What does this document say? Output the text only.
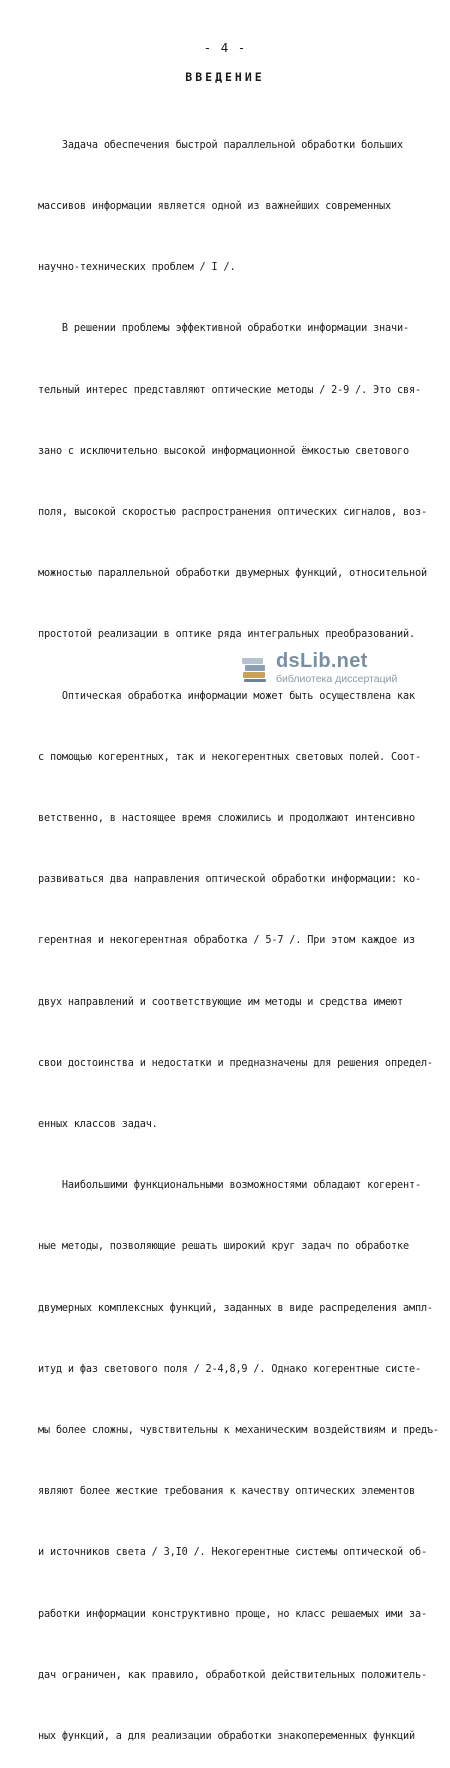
- 4 -
ВВЕДЕНИЕ

Задача обеспечения быстрой параллельной обработки больших

массивов информации является одной из важнейших современных

научно-технических проблем / I /.

В решении проблемы эффективной обработки информации значи-

тельный интерес представляют оптические методы / 2-9 /. Это свя-

зано с исключительно высокой информационной ёмкостью светового

поля, высокой скоростью распространения оптических сигналов, воз-

можностью параллельной обработки двумерных функций, относительной

простотой реализации в оптике ряда интегральных преобразований.

Оптическая обработка информации может быть осуществлена как

с помощью когерентных, так и некогерентных световых полей. Соот-

ветственно, в настоящее время сложились и продолжают интенсивно

развиваться два направления оптической обработки информации: ко-

герентная и некогерентная обработка / 5-7 /. При этом каждое из

двух направлений и соответствующие им методы и средства имеют

свои достоинства и недостатки и предназначены для решения определ-

енных классов задач.

Наибольшими функциональными возможностями обладают когерент-

ные методы, позволяющие решать широкий круг задач по обработке

двумерных комплексных функций, заданных в виде распределения ампл-

итуд и фаз светового поля / 2-4,8,9 /. Однако когерентные систе-

мы более сложны, чувствительны к механическим воздействиям и предъ-

являют более жесткие требования к качеству оптических элементов

и источников света / 3,I0 /. Некогерентные системы оптической об-

работки информации конструктивно проще, но класс решаемых ими за-

дач ограничен, как правило, обработкой действительных положитель-

ных функций, а для реализации обработки знакопеременных функций

dsLib.net
библиотека диссертаций
